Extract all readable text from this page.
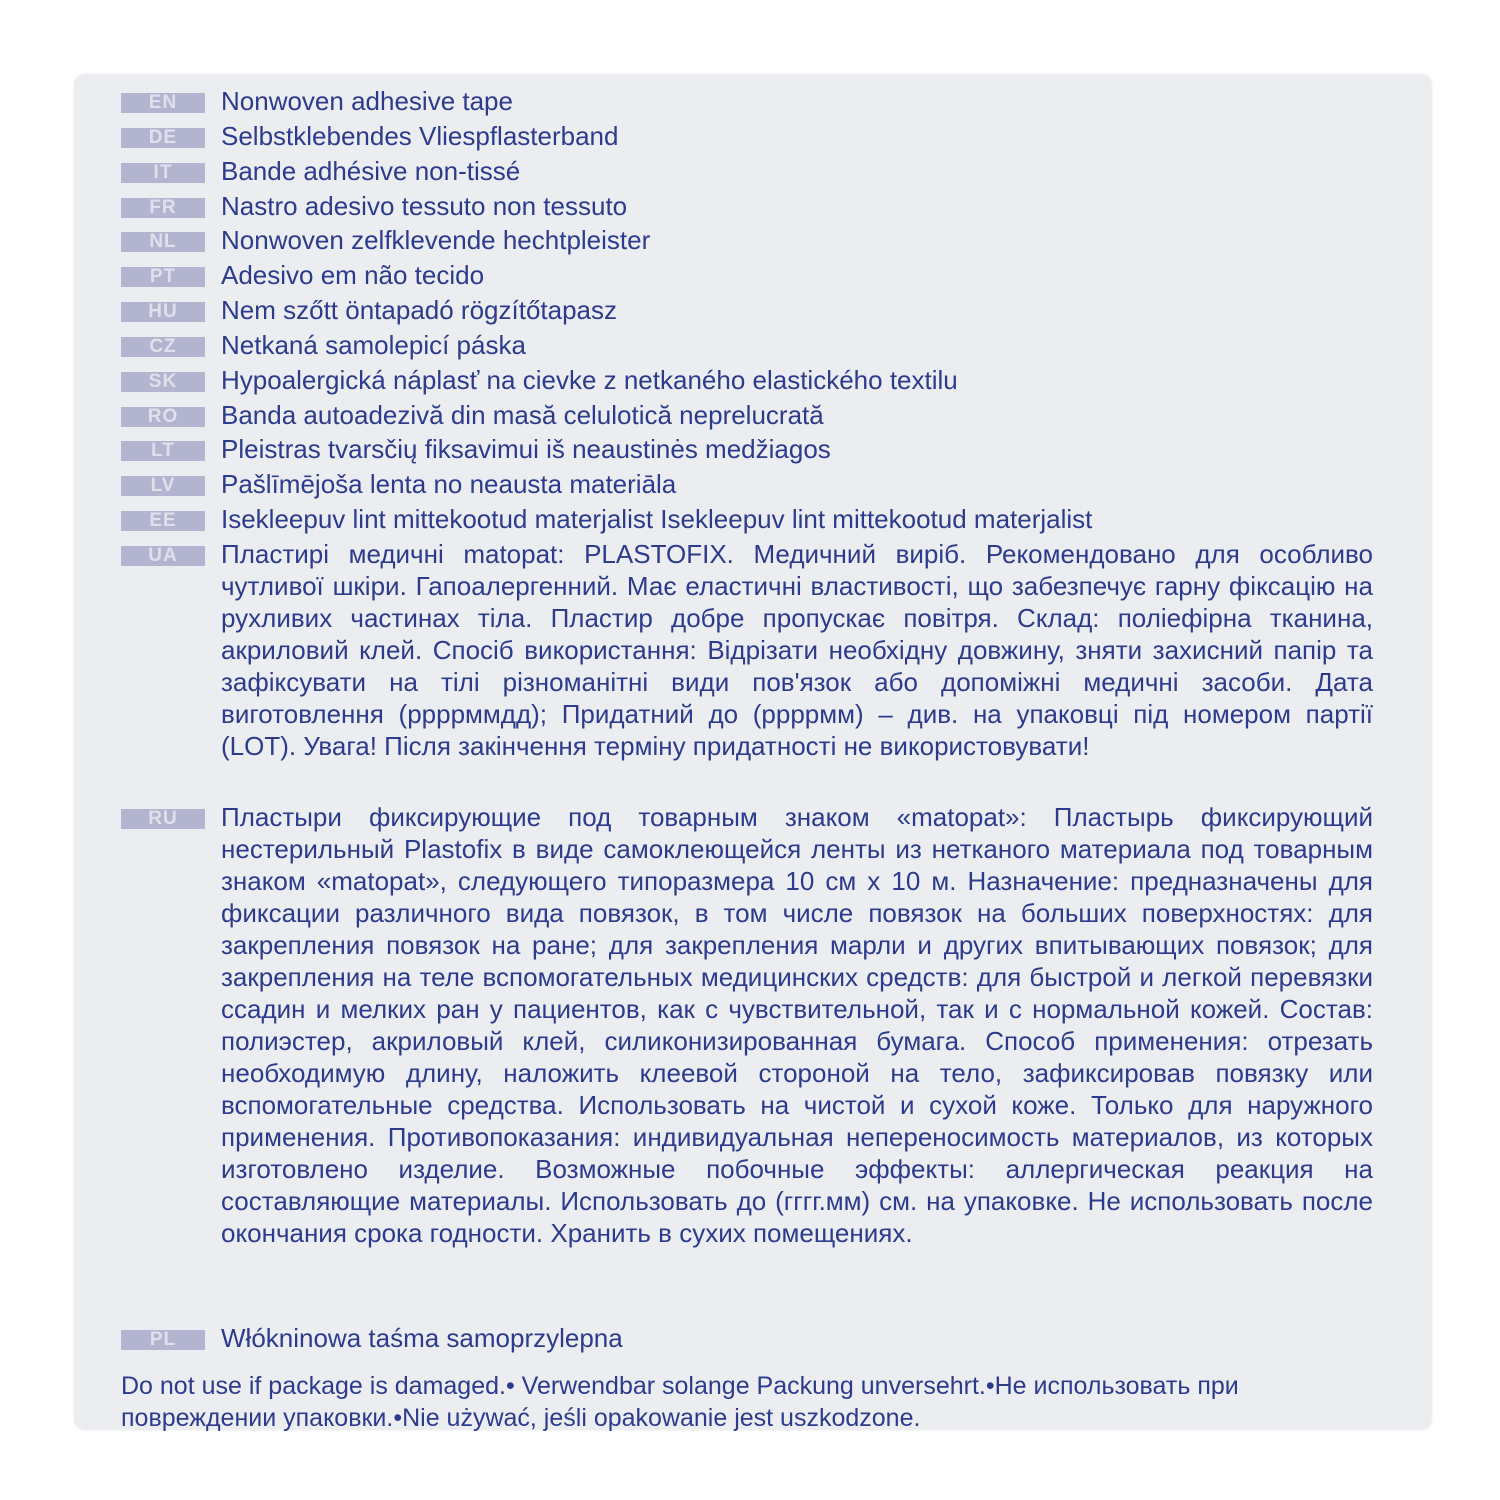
EN	Nonwoven adhesive tape

DE	Selbstklebendes Vliespflasterband

IT	Bande adhésive non-tissé

FR	Nastro adesivo tessuto non tessuto

NL	Nonwoven zelfklevende hechtpleister

PT	Adesivo em não tecido

HU	Nem szőtt öntapadó rögzítőtapasz

CZ	Netkaná samolepicí páska

SK	Hypoalergická náplasť na cievke z netkaného elastického textilu

RO	Banda autoadezivă din masă celulotică neprelucrată

LT	Pleistras tvarsčių fiksavimui iš neaustinės medžiagos

LV	Pašlīmējoša lenta no neausta materiāla

EE	Isekleepuv lint mittekootud materjalist Isekleepuv lint mittekootud materjalist

UA	Пластирі медичні matopat: PLASTOFIX. Медичний виріб. Рекомендовано для особливо чутливої шкіри. Гапоалергенний. Має еластичні властивості, що забезпечує гарну фіксацію на рухливих частинах тіла. Пластир добре пропускає повітря. Склад: поліефірна тканина, акриловий клей. Спосіб використання: Відрізати необхідну довжину, зняти захисний папір та зафіксувати на тілі різноманітні види пов'язок або допоміжні медичні засоби. Дата виготовлення (ррррммдд); Придатний до (ррррмм) – див. на упаковці під номером партії (LOT). Увага! Після закінчення терміну придатності не використовувати!

RU	Пластыри фиксирующие под товарным знаком «matopat»: Пластырь фиксирующий нестерильный Plastofix в виде самоклеющейся ленты из нетканого материала под товарным знаком «matopat», следующего типоразмера 10 см х 10 м. Назначение: предназначены для фиксации различного вида повязок, в том числе повязок на больших поверхностях: для закрепления повязок на ране; для закрепления марли и других впитывающих повязок; для закрепления на теле вспомогательных медицинских средств: для быстрой и легкой перевязки ссадин и мелких ран у пациентов, как с чувствительной, так и с нормальной кожей. Состав: полиэстер, акриловый клей, силиконизированная бумага. Способ применения: отрезать необходимую длину, наложить клеевой стороной на тело, зафиксировав повязку или вспомогательные средства. Использовать на чистой и сухой коже. Только для наружного применения. Противопоказания: индивидуальная непереносимость материалов, из которых изготовлено изделие. Возможные побочные эффекты: аллергическая реакция на составляющие материалы. Использовать до (гггг.мм) см. на упаковке. Не использовать после окончания срока годности. Хранить в сухих помещениях.

PL	Włókninowa taśma samoprzylepna

Do not use if package is damaged.• Verwendbar solange Packung unversehrt.•Не использовать при повреждении упаковки.•Nie używać, jeśli opakowanie jest uszkodzone.
